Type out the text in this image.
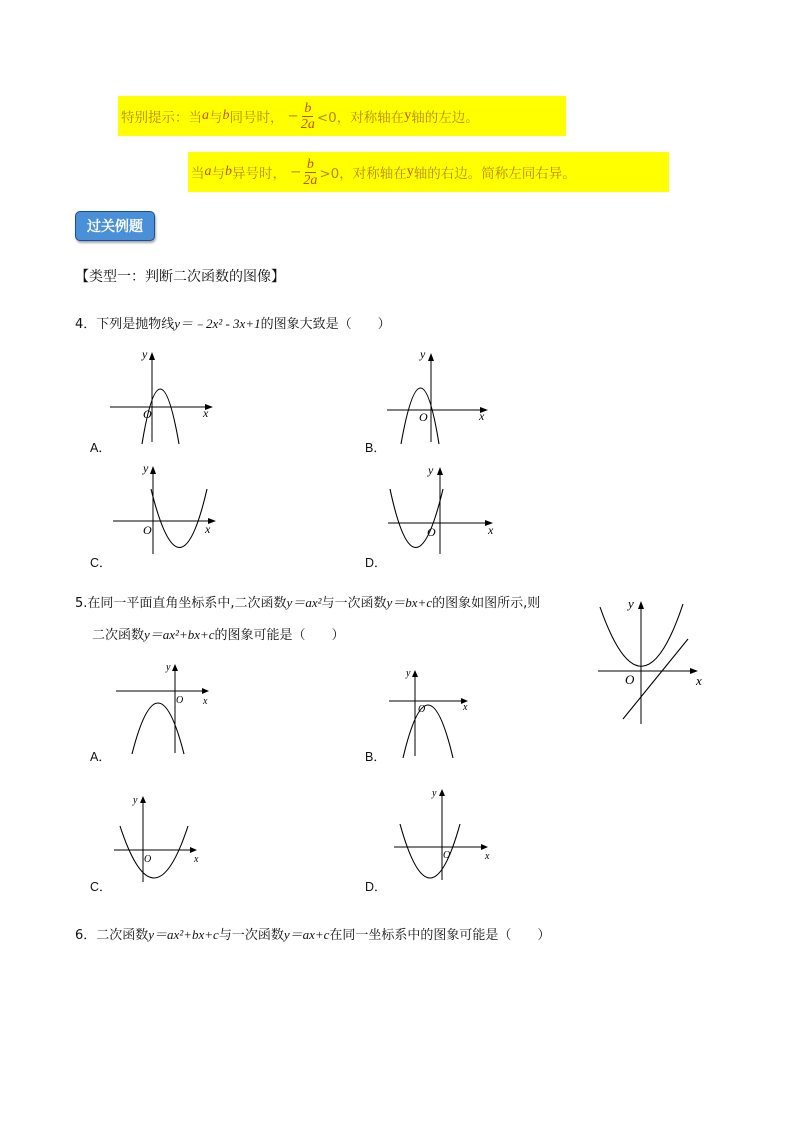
特别提示：当 a 与 b 同号时， − $\frac{b}{2a} <0$，对称轴在 y 轴的左边。
当 a 与 b 异号时， − $\frac{b}{2a} >0$，对称轴在 y 轴的右边。简称左同右异。
过关例题
【类型一：判断二次函数的图像】
4．下列是抛物线y＝﹣2x² - 3x+1的图象大致是（　　）
x
y
O
A．
x
y
O
B．
x
y
O
C．
x
y
O
D．
5.在同一平面直角坐标系中,二次函数y＝ax²与一次函数y＝bx+c的图象如图所示,则
二次函数y＝ax²+bx+c的图象可能是（　　）
x
y
O
x
y
O
A．
x
y
O
B．
x
y
O
C．
x
y
O
D．
6．二次函数y＝ax²+bx+c与一次函数y＝ax+c在同一坐标系中的图象可能是（　　）
